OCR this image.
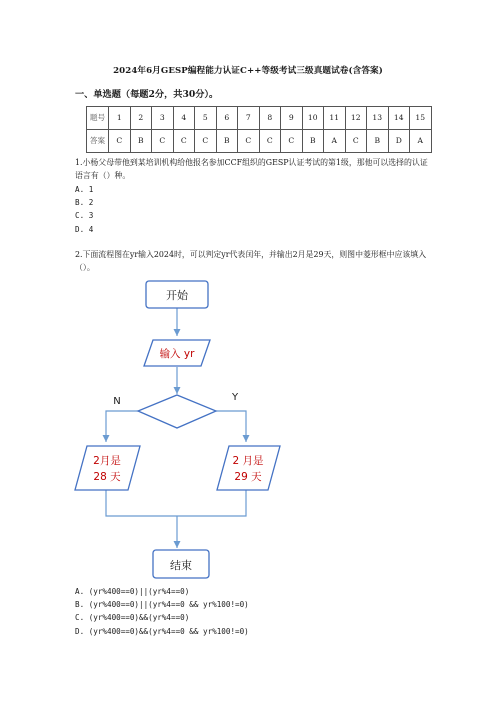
2024年6月GESP编程能力认证C++等级考试三级真题试卷(含答案)
一、单选题（每题2分，共30分）。
题号	1	2	3	4	5	6	7	8	9	10	11	12	13	14	15
答案	C	B	C	C	C	B	C	C	C	B	A	C	B	D	A
1.小杨父母带他到某培训机构给他报名参加CCF组织的GESP认证考试的第1级，那他可以选择的认证语言有（）种。
A. 1
B. 2
C. 3
D. 4
2.下面流程图在yr输入2024时，可以判定yr代表闰年，并输出2月是29天，则图中菱形框中应该填入（）。
开始
输入 yr
N	Y
2月是
28 天
2 月是
29 天
结束
A. (yr%400==0)||(yr%4==0)
B. (yr%400==0)||(yr%4==0 && yr%100!=0)
C. (yr%400==0)&&(yr%4==0)
D. (yr%400==0)&&(yr%4==0 && yr%100!=0)
